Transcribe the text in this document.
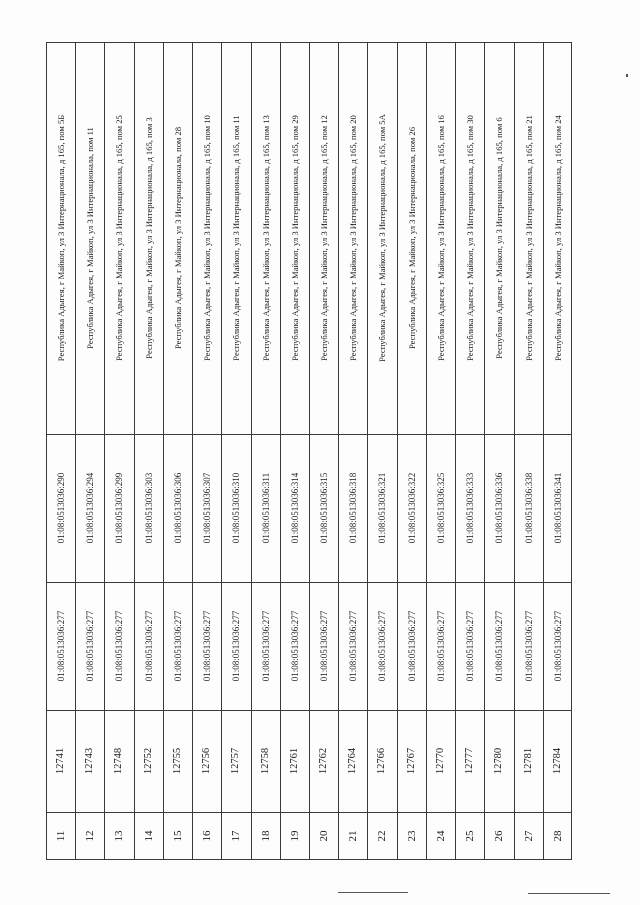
Республика Адыгея, г Майкоп, ул 3 Интернационала, д 165, пом 5Б
01:08:0513036:290
01:08:0513036:277
12741
11
Республика Адыгея, г Майкоп, ул 3 Интернационала, пом 11
01:08:0513036:294
01:08:0513036:277
12743
12
Республика Адыгея, г Майкоп, ул 3 Интернационала, д 165, пом 25
01:08:0513036:299
01:08:0513036:277
12748
13
Республика Адыгея, г Майкоп, ул 3 Интернационала, д 165, пом 3
01:08:0513036:303
01:08:0513036:277
12752
14
Республика Адыгея, г Майкоп, ул 3 Интернационала, пом 28
01:08:0513036:306
01:08:0513036:277
12755
15
Республика Адыгея, г Майкоп, ул 3 Интернационала, д 165, пом 10
01:08:0513036:307
01:08:0513036:277
12756
16
Республика Адыгея, г Майкоп, ул 3 Интернационала, д 165, пом 11
01:08:0513036:310
01:08:0513036:277
12757
17
Республика Адыгея, г Майкоп, ул 3 Интернационала, д 165, пом 13
01:08:0513036:311
01:08:0513036:277
12758
18
Республика Адыгея, г Майкоп, ул 3 Интернационала, д 165, пом 29
01:08:0513036:314
01:08:0513036:277
12761
19
Республика Адыгея, г Майкоп, ул 3 Интернационала, д 165, пом 12
01:08:0513036:315
01:08:0513036:277
12762
20
Республика Адыгея, г Майкоп, ул 3 Интернационала, д 165, пом 20
01:08:0513036:318
01:08:0513036:277
12764
21
Республика Адыгея, г Майкоп, ул 3 Интернационала, д 165, пом 5А
01:08:0513036:321
01:08:0513036:277
12766
22
Республика Адыгея, г Майкоп, ул 3 Интернационала, пом 26
01:08:0513036:322
01:08:0513036:277
12767
23
Республика Адыгея, г Майкоп, ул 3 Интернационала, д 165, пом 16
01:08:0513036:325
01:08:0513036:277
12770
24
Республика Адыгея, г Майкоп, ул 3 Интернационала, д 165, пом 30
01:08:0513036:333
01:08:0513036:277
12777
25
Республика Адыгея, г Майкоп, ул 3 Интернационала, д 165, пом 6
01:08:0513036:336
01:08:0513036:277
12780
26
Республика Адыгея, г Майкоп, ул 3 Интернационала, д 165, пом 21
01:08:0513036:338
01:08:0513036:277
12781
27
Республика Адыгея, г Майкоп, ул 3 Интернационала, д 165, пом 24
01:08:0513036:341
01:08:0513036:277
12784
28
